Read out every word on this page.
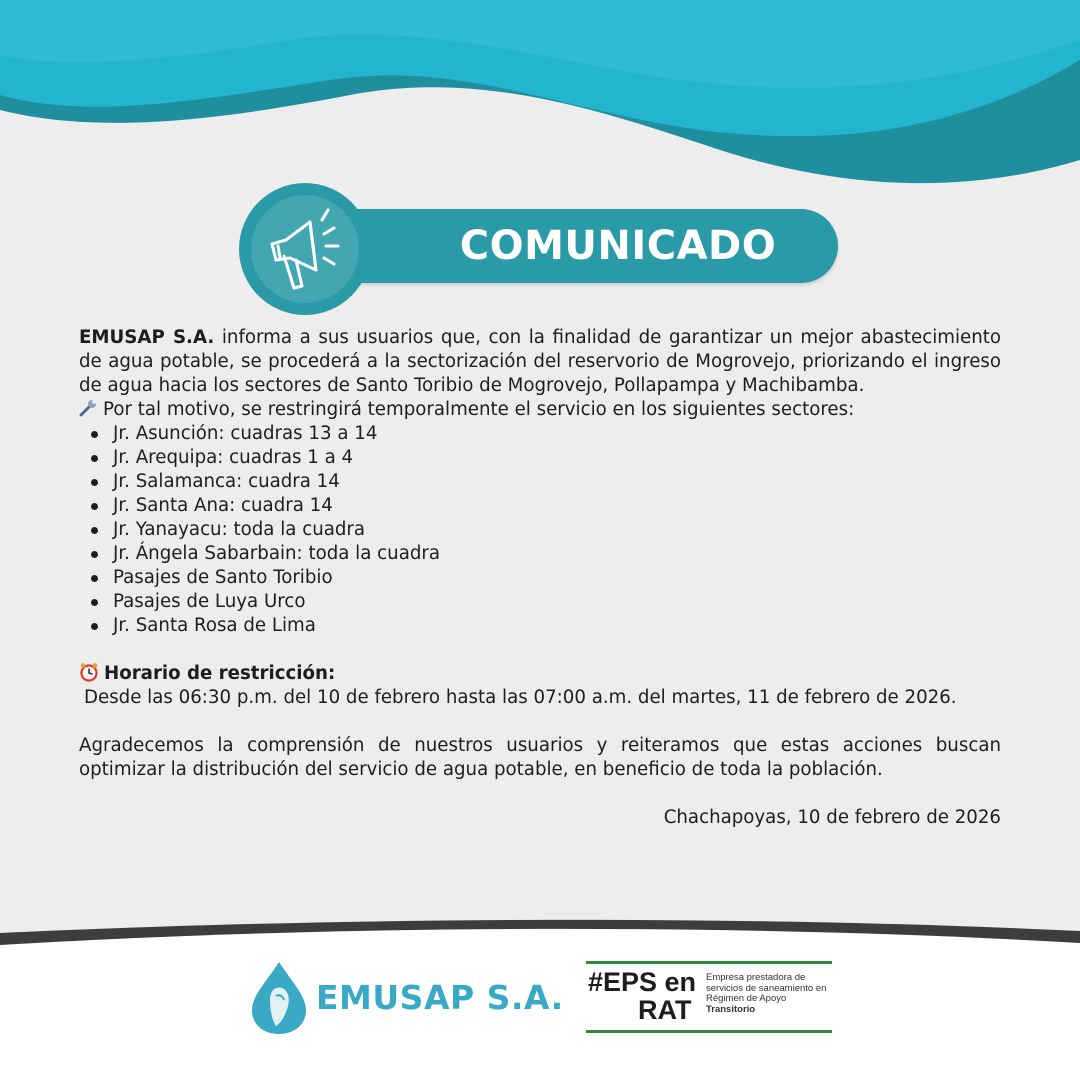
COMUNICADO

EMUSAP S.A. informa a sus usuarios que, con la finalidad de garantizar un mejor abastecimiento de agua potable, se procederá a la sectorización del reservorio de Mogrovejo, priorizando el ingreso de agua hacia los sectores de Santo Toribio de Mogrovejo, Pollapampa y Machibamba.

Por tal motivo, se restringirá temporalmente el servicio en los siguientes sectores:

Jr. Asunción: cuadras 13 a 14
Jr. Arequipa: cuadras 1 a 4
Jr. Salamanca: cuadra 14
Jr. Santa Ana: cuadra 14
Jr. Yanayacu: toda la cuadra
Jr. Ángela Sabarbain: toda la cuadra
Pasajes de Santo Toribio
Pasajes de Luya Urco
Jr. Santa Rosa de Lima

Horario de restricción:

Desde las 06:30 p.m. del 10 de febrero hasta las 07:00 a.m. del martes, 11 de febrero de 2026.

Agradecemos la comprensión de nuestros usuarios y reiteramos que estas acciones buscan optimizar la distribución del servicio de agua potable, en beneficio de toda la población.

Chachapoyas, 10 de febrero de 2026

EMUSAP S.A. #EPS en
RAT
Empresa prestadora de servicios de saneamiento en Régimen de Apoyo
Transitorio
